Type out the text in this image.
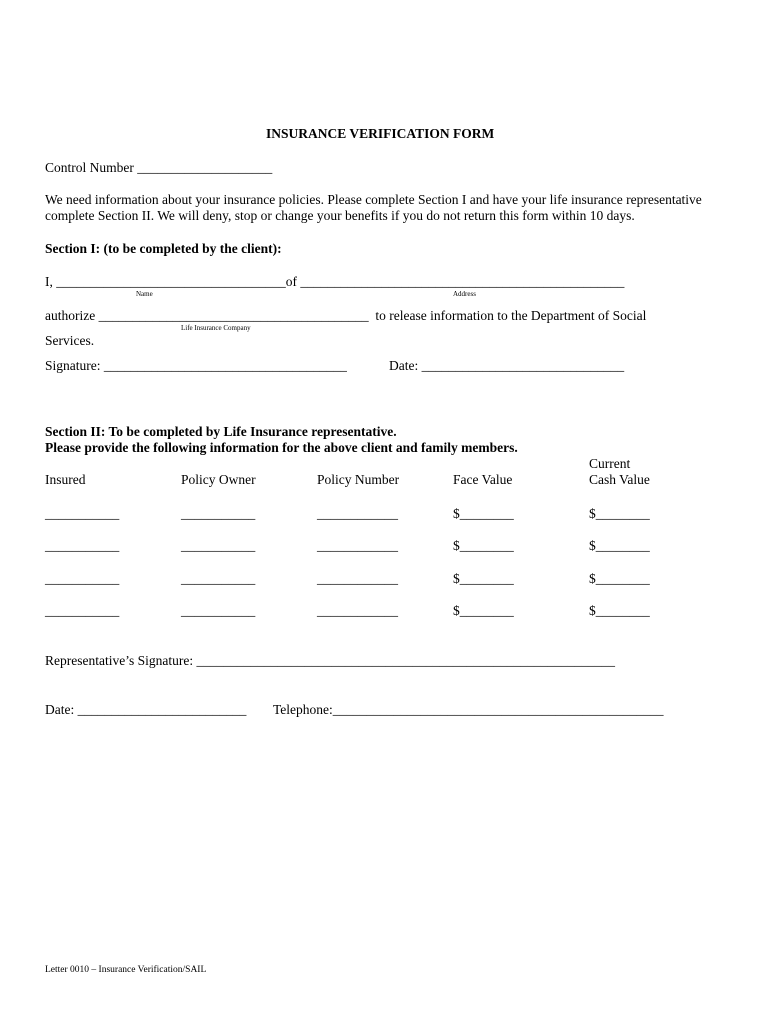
INSURANCE VERIFICATION FORM
Control Number ____________________
We need information about your insurance policies. Please complete Section I and have your life insurance representative
complete Section II. We will deny, stop or change your benefits if you do not return this form within 10 days.
Section I: (to be completed by the client):
I, __________________________________of ________________________________________________
Name	Address
authorize ________________________________________ to release information to the Department of Social
Life Insurance Company
Services.
Signature: ____________________________________	Date: ______________________________
Section II: To be completed by Life Insurance representative.
Please provide the following information for the above client and family members.
Insured	Policy Owner	Policy Number	Face Value
Current
Cash Value
___________	___________	____________	$________	$________
___________	___________	____________	$________	$________
___________	___________	____________	$________	$________
___________	___________	____________	$________	$________
Representative’s Signature: ______________________________________________________________
Date: _________________________ Telephone:_________________________________________________
Letter 0010 – Insurance Verification/SAIL
